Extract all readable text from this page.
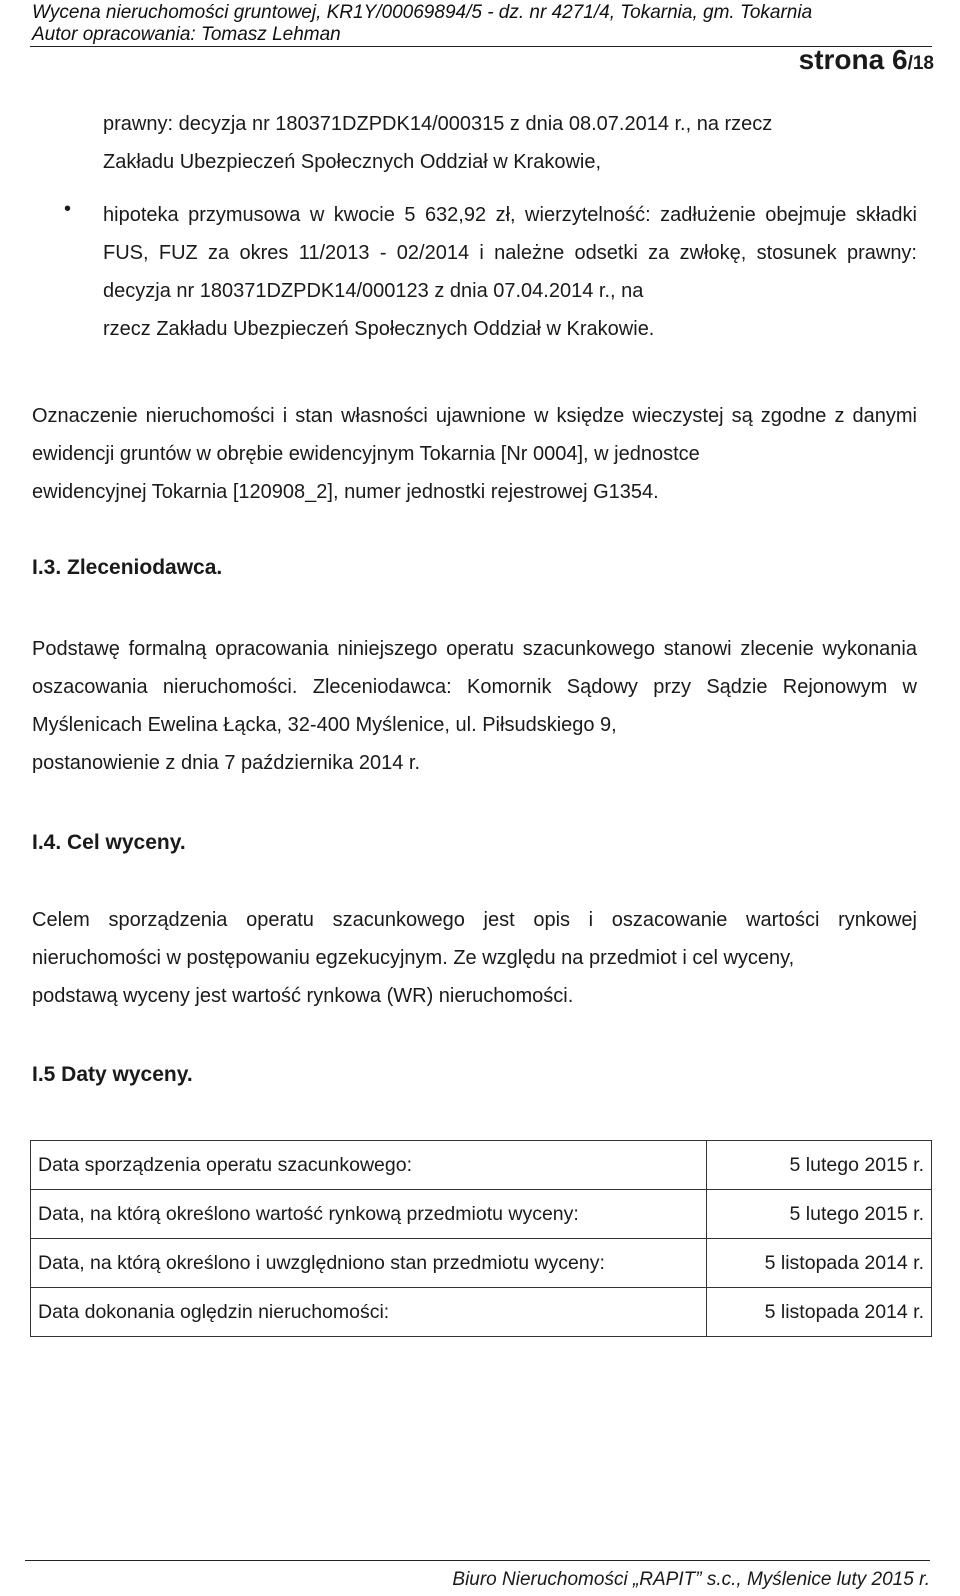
Wycena nieruchomości gruntowej, KR1Y/00069894/5 - dz. nr 4271/4, Tokarnia, gm. Tokarnia
Autor opracowania: Tomasz Lehman
strona 6/18
prawny: decyzja nr 180371DZPDK14/000315 z dnia 08.07.2014 r., na rzecz
Zakładu Ubezpieczeń Społecznych Oddział w Krakowie,
• hipoteka przymusowa w kwocie 5 632,92 zł, wierzytelność: zadłużenie obejmuje składki FUS, FUZ za okres 11/2013 - 02/2014 i należne odsetki za zwłokę, stosunek prawny: decyzja nr 180371DZPDK14/000123 z dnia 07.04.2014 r., na
rzecz Zakładu Ubezpieczeń Społecznych Oddział w Krakowie.
Oznaczenie nieruchomości i stan własności ujawnione w księdze wieczystej są zgodne z danymi ewidencji gruntów w obrębie ewidencyjnym Tokarnia [Nr 0004], w jednostce
ewidencyjnej Tokarnia [120908_2], numer jednostki rejestrowej G1354.
I.3. Zleceniodawca.
Podstawę formalną opracowania niniejszego operatu szacunkowego stanowi zlecenie wykonania oszacowania nieruchomości. Zleceniodawca: Komornik Sądowy przy Sądzie Rejonowym w Myślenicach Ewelina Łącka, 32-400 Myślenice, ul. Piłsudskiego 9,
postanowienie z dnia 7 października 2014 r.
I.4. Cel wyceny.
Celem sporządzenia operatu szacunkowego jest opis i oszacowanie wartości rynkowej nieruchomości w postępowaniu egzekucyjnym. Ze względu na przedmiot i cel wyceny,
podstawą wyceny jest wartość rynkowa (WR) nieruchomości.
I.5 Daty wyceny.
Data sporządzenia operatu szacunkowego:	5 lutego 2015 r.
Data, na którą określono wartość rynkową przedmiotu wyceny:	5 lutego 2015 r.
Data, na którą określono i uwzględniono stan przedmiotu wyceny:	5 listopada 2014 r.
Data dokonania oględzin nieruchomości:	5 listopada 2014 r.
Biuro Nieruchomości „RAPIT” s.c., Myślenice luty 2015 r.
